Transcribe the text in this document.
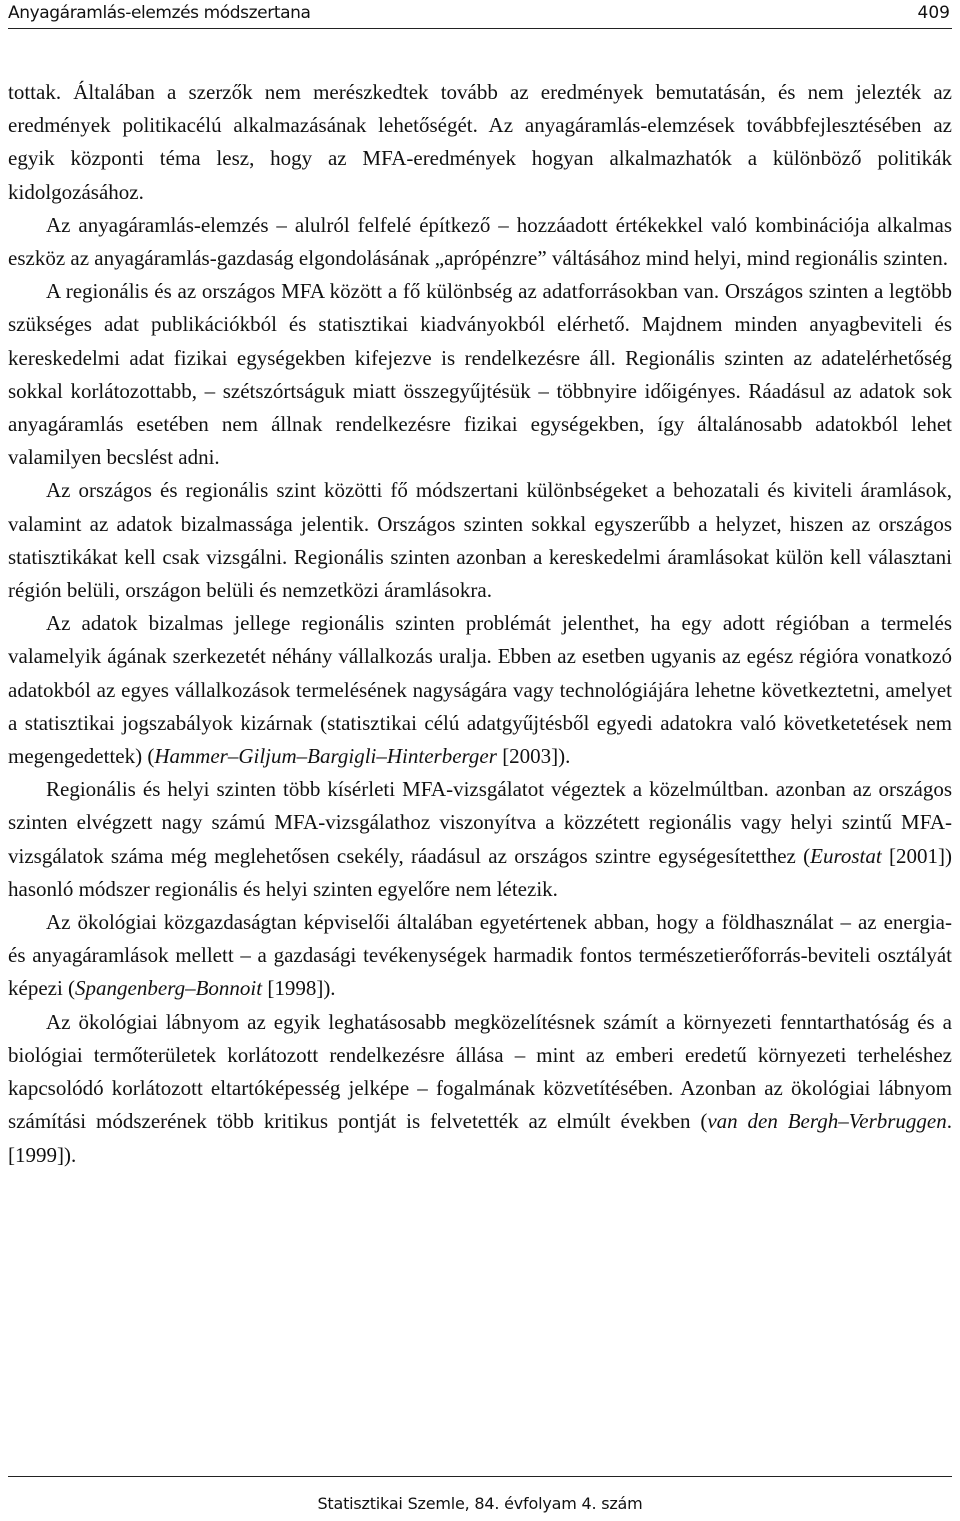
Anyagáramlás-elemzés módszertana	409

tottak. Általában a szerzők nem merészkedtek tovább az eredmények bemutatásán, és nem jelezték az eredmények politikacélú alkalmazásának lehetőségét. Az anyagáramlás-elemzések továbbfejlesztésében az egyik központi téma lesz, hogy az MFA-eredmények hogyan alkalmazhatók a különböző politikák kidolgozásához.

Az anyagáramlás-elemzés – alulról felfelé építkező – hozzáadott értékekkel való kombinációja alkalmas eszköz az anyagáramlás-gazdaság elgondolásának „aprópénzre” váltásához mind helyi, mind regionális szinten.

A regionális és az országos MFA között a fő különbség az adatforrásokban van. Országos szinten a legtöbb szükséges adat publikációkból és statisztikai kiadványokból elérhető. Majdnem minden anyagbeviteli és kereskedelmi adat fizikai egységekben kifejezve is rendelkezésre áll. Regionális szinten az adatelérhetőség sokkal korlátozottabb, – szétszórtságuk miatt összegyűjtésük – többnyire időigényes. Ráadásul az adatok sok anyagáramlás esetében nem állnak rendelkezésre fizikai egységekben, így általánosabb adatokból lehet valamilyen becslést adni.

Az országos és regionális szint közötti fő módszertani különbségeket a behozatali és kiviteli áramlások, valamint az adatok bizalmassága jelentik. Országos szinten sokkal egyszerűbb a helyzet, hiszen az országos statisztikákat kell csak vizsgálni. Regionális szinten azonban a kereskedelmi áramlásokat külön kell választani régión belüli, országon belüli és nemzetközi áramlásokra.

Az adatok bizalmas jellege regionális szinten problémát jelenthet, ha egy adott régióban a termelés valamelyik ágának szerkezetét néhány vállalkozás uralja. Ebben az esetben ugyanis az egész régióra vonatkozó adatokból az egyes vállalkozások termelésének nagyságára vagy technológiájára lehetne következtetni, amelyet a statisztikai jogszabályok kizárnak (statisztikai célú adatgyűjtésből egyedi adatokra való követketetések nem megengedettek) (Hammer–Giljum–Bargigli–Hinterberger [2003]).

Regionális és helyi szinten több kísérleti MFA-vizsgálatot végeztek a közelmúltban. azonban az országos szinten elvégzett nagy számú MFA-vizsgálathoz viszonyítva a közzétett regionális vagy helyi szintű MFA-vizsgálatok száma még meglehetősen csekély, ráadásul az országos szintre egységesítetthez (Eurostat [2001]) hasonló módszer regionális és helyi szinten egyelőre nem létezik.

Az ökológiai közgazdaságtan képviselői általában egyetértenek abban, hogy a földhasználat – az energia- és anyagáramlások mellett – a gazdasági tevékenységek harmadik fontos természetierőforrás-beviteli osztályát képezi (Spangenberg–Bonnoit [1998]).

Az ökológiai lábnyom az egyik leghatásosabb megközelítésnek számít a környezeti fenntarthatóság és a biológiai termőterületek korlátozott rendelkezésre állása – mint az emberi eredetű környezeti terheléshez kapcsolódó korlátozott eltartóképesség jelképe – fogalmának közvetítésében. Azonban az ökológiai lábnyom számítási módszerének több kritikus pontját is felvetették az elmúlt években (van den Bergh–Verbruggen. [1999]).

Statisztikai Szemle, 84. évfolyam 4. szám
